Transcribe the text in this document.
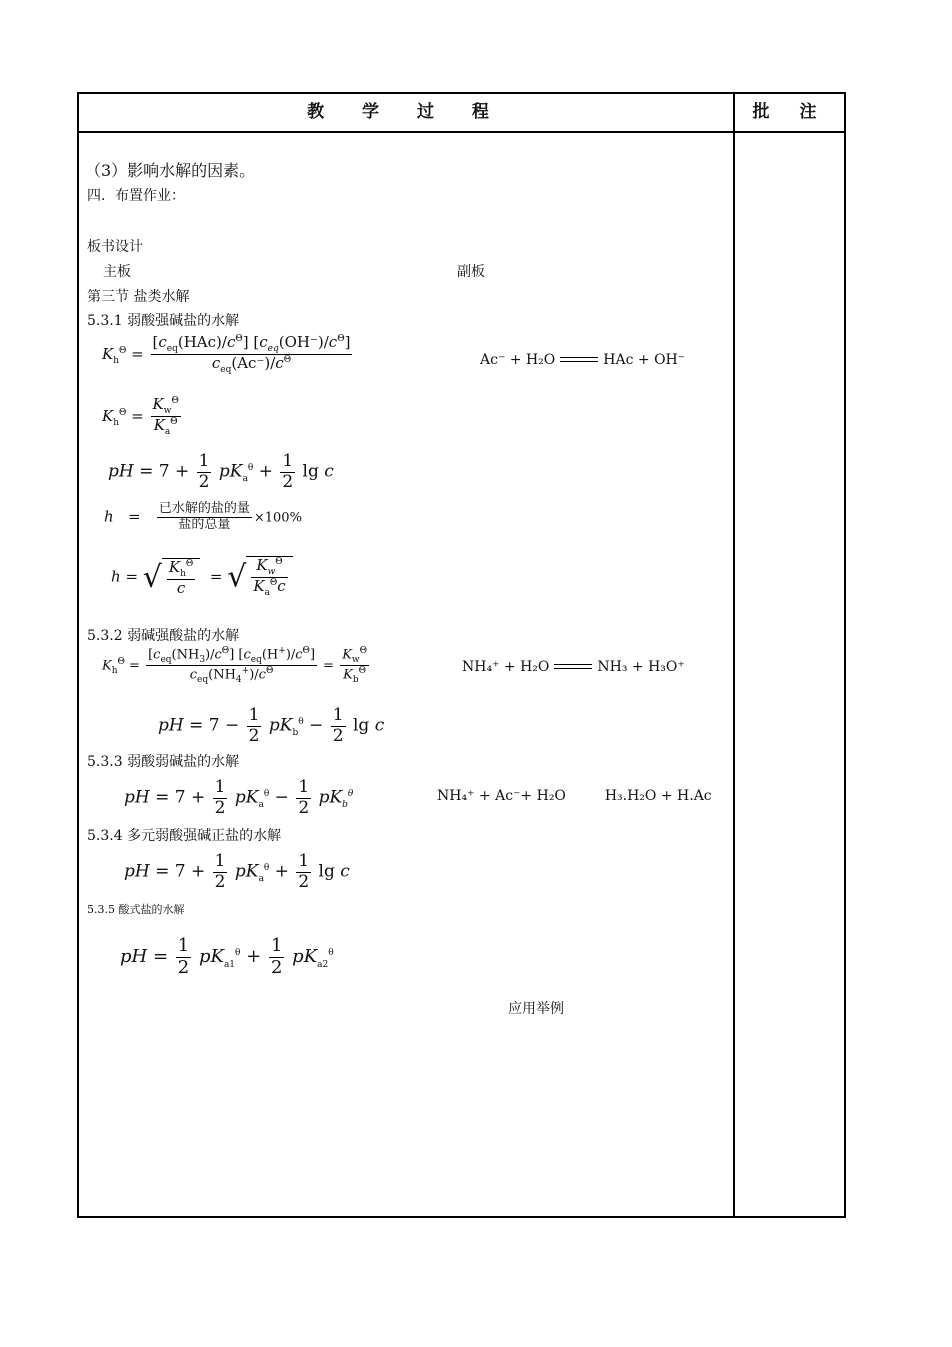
教 学 过 程	批 注
（3）影响水解的因素。
四．布置作业：
板书设计
主板	副板
第三节 盐类水解
5.3.1 弱酸强碱盐的水解
$K_h^\Theta = \frac{[c_{eq}(HAc)/c^\Theta] [c_{eq}(OH^-)/c^\Theta]}{c_{eq}(Ac^-)/c^\Theta}$	Ac⁻ + H₂O	HAc + OH⁻
$K_h^\Theta = \frac{K_w^\Theta}{K_a^\Theta}$
pH = $7 + \frac{1}{2} pK_a^\theta + \frac{1}{2}$ lg c
$h = \frac{\text{已水解的盐的量}}{\text{盐的总量}} \times 100\%$
h = √ $\frac{K_h^\Theta}{c}$ = √ $\frac{K_w^\Theta}{K_a^\Theta c}$
5.3.2 弱碱强酸盐的水解
$K_h^\Theta = \frac{[c_{eq}(NH_3)/c^\Theta] [c_{eq}(H^+)/c^\Theta]}{c_{eq}(NH_4^+)/c^\Theta} = \frac{K_w^\Theta}{K_b^\Theta}$	NH₄⁺ + H₂O	NH₃ + H₃O⁺
pH = $7 - \frac{1}{2} pK_b^\theta - \frac{1}{2}$ lg c
5.3.3 弱酸弱碱盐的水解
pH = $7 + \frac{1}{2} pK_a^\theta - \frac{1}{2} pK_b^\theta$	NH₄⁺ + Ac⁻+ H₂O	H₃.H₂O + H.Ac
5.3.4 多元弱酸强碱正盐的水解
pH = $7 + \frac{1}{2} pK_a^\theta + \frac{1}{2}$ lg c
5.3.5 酸式盐的水解
pH = $\frac{1}{2} pK_{a1}^\theta + \frac{1}{2} pK_{a2}^\theta$
应用举例
